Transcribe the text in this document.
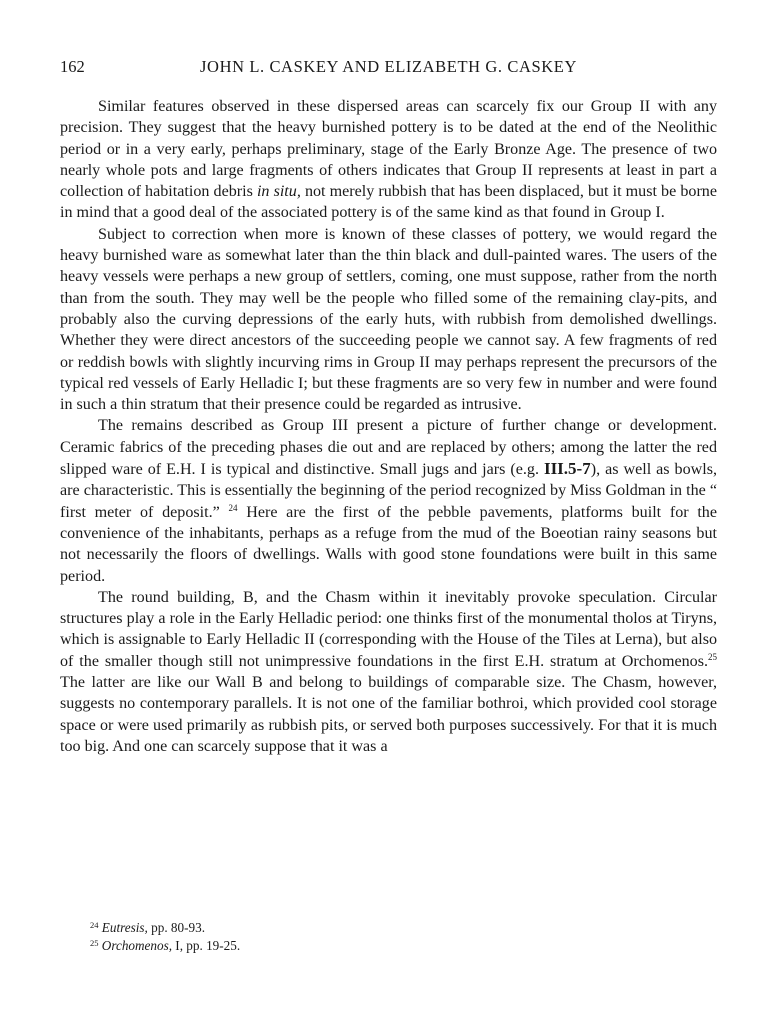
162	JOHN L. CASKEY AND ELIZABETH G. CASKEY

Similar features observed in these dispersed areas can scarcely fix our Group II with any precision. They suggest that the heavy burnished pottery is to be dated at the end of the Neolithic period or in a very early, perhaps preliminary, stage of the Early Bronze Age. The presence of two nearly whole pots and large fragments of others indicates that Group II represents at least in part a collection of habitation debris in situ, not merely rubbish that has been displaced, but it must be borne in mind that a good deal of the associated pottery is of the same kind as that found in Group I.

Subject to correction when more is known of these classes of pottery, we would regard the heavy burnished ware as somewhat later than the thin black and dull-painted wares. The users of the heavy vessels were perhaps a new group of settlers, coming, one must suppose, rather from the north than from the south. They may well be the people who filled some of the remaining clay-pits, and probably also the curving depressions of the early huts, with rubbish from demolished dwellings. Whether they were direct ancestors of the succeeding people we cannot say. A few fragments of red or reddish bowls with slightly incurving rims in Group II may perhaps represent the precursors of the typical red vessels of Early Helladic I; but these fragments are so very few in number and were found in such a thin stratum that their presence could be regarded as intrusive.

The remains described as Group III present a picture of further change or development. Ceramic fabrics of the preceding phases die out and are replaced by others; among the latter the red slipped ware of E.H. I is typical and distinctive. Small jugs and jars (e.g. III.5-7), as well as bowls, are characteristic. This is essentially the beginning of the period recognized by Miss Goldman in the “ first meter of deposit.” $^{24}$ Here are the first of the pebble pavements, platforms built for the convenience of the inhabitants, perhaps as a refuge from the mud of the Boeotian rainy seasons but not necessarily the floors of dwellings. Walls with good stone foundations were built in this same period.

The round building, B, and the Chasm within it inevitably provoke speculation. Circular structures play a role in the Early Helladic period: one thinks first of the monumental tholos at Tiryns, which is assignable to Early Helladic II (corresponding with the House of the Tiles at Lerna), but also of the smaller though still not unimpressive foundations in the first E.H. stratum at Orchomenos.$^{25}$ The latter are like our Wall B and belong to buildings of comparable size. The Chasm, however, suggests no contemporary parallels. It is not one of the familiar bothroi, which provided cool storage space or were used primarily as rubbish pits, or served both purposes successively. For that it is much too big. And one can scarcely suppose that it was a

$^{24}$ Eutresis, pp. 80-93.
$^{25}$ Orchomenos, I, pp. 19-25.
